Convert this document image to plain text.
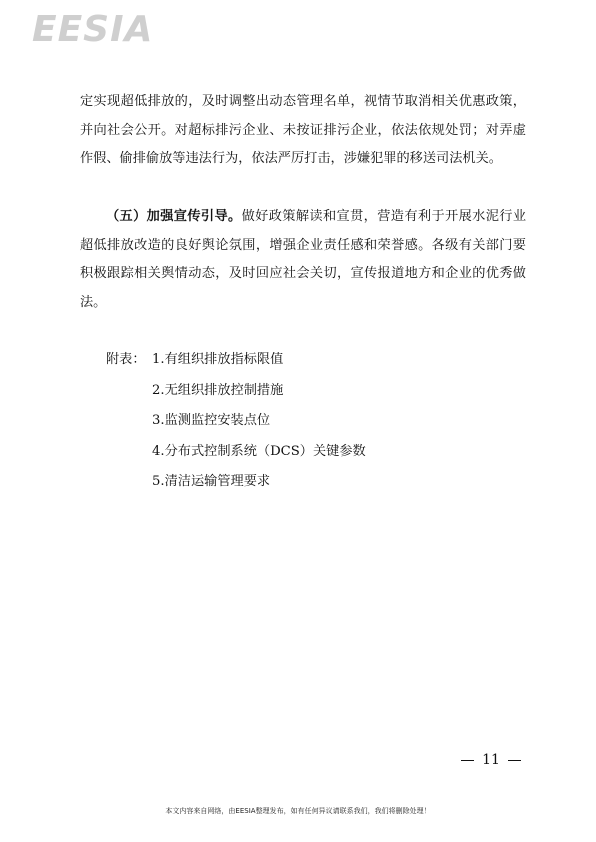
EESIA
定实现超低排放的，及时调整出动态管理名单，视情节取消相关优惠政策，并向社会公开。对超标排污企业、未按证排污企业，依法依规处罚；对弄虚作假、偷排偷放等违法行为，依法严厉打击，涉嫌犯罪的移送司法机关。
（五）加强宣传引导。做好政策解读和宣贯，营造有利于开展水泥行业超低排放改造的良好舆论氛围，增强企业责任感和荣誉感。各级有关部门要积极跟踪相关舆情动态，及时回应社会关切，宣传报道地方和企业的优秀做法。
附表： 1.有组织排放指标限值
2.无组织排放控制措施
3.监测监控安装点位
4.分布式控制系统（DCS）关键参数
5.清洁运输管理要求
11
本文内容来自网络，由EESIA整理发布，如有任何异议请联系我们，我们将删除处理！
